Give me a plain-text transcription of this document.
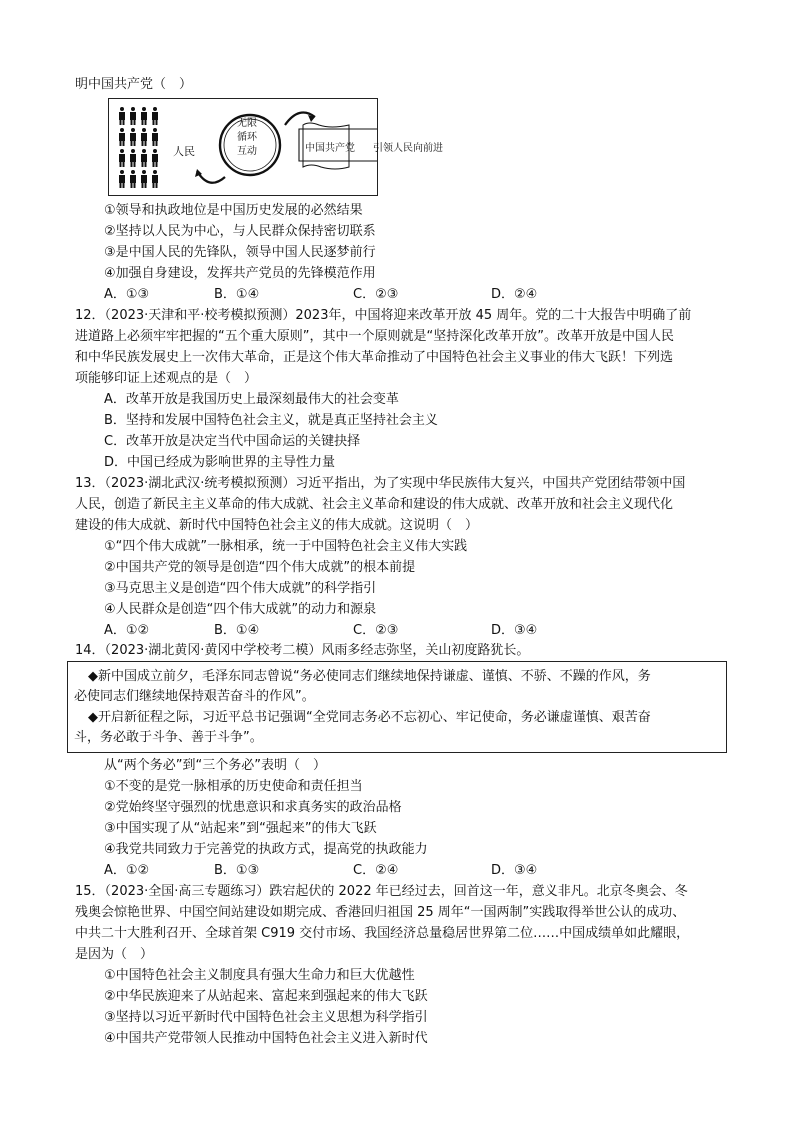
明中国共产党（　）
人民
无限
循环
互动	中国共产党 引领人民向前进
①领导和执政地位是中国历史发展的必然结果
②坚持以人民为中心，与人民群众保持密切联系
③是中国人民的先锋队，领导中国人民逐梦前行
④加强自身建设，发挥共产党员的先锋模范作用
A．①③	B．①④	C．②③	D．②④
12．（2023·天津和平·校考模拟预测）2023年，中国将迎来改革开放 45 周年。党的二十大报告中明确了前
进道路上必须牢牢把握的“五个重大原则”，其中一个原则就是“坚持深化改革开放”。改革开放是中国人民
和中华民族发展史上一次伟大革命，正是这个伟大革命推动了中国特色社会主义事业的伟大飞跃！下列选
项能够印证上述观点的是（　）
A．改革开放是我国历史上最深刻最伟大的社会变革
B．坚持和发展中国特色社会主义，就是真正坚持社会主义
C．改革开放是决定当代中国命运的关键抉择
D．中国已经成为影响世界的主导性力量
13．（2023·湖北武汉·统考模拟预测）习近平指出，为了实现中华民族伟大复兴，中国共产党团结带领中国
人民，创造了新民主主义革命的伟大成就、社会主义革命和建设的伟大成就、改革开放和社会主义现代化
建设的伟大成就、新时代中国特色社会主义的伟大成就。这说明（　）
①“四个伟大成就”一脉相承，统一于中国特色社会主义伟大实践
②中国共产党的领导是创造“四个伟大成就”的根本前提
③马克思主义是创造“四个伟大成就”的科学指引
④人民群众是创造“四个伟大成就”的动力和源泉
A．①②	B．①④	C．②③	D．③④
14．（2023·湖北黄冈·黄冈中学校考二模）风雨多经志弥坚，关山初度路犹长。
◆新中国成立前夕，毛泽东同志曾说“务必使同志们继续地保持谦虚、谨慎、不骄、不躁的作风，务
必使同志们继续地保持艰苦奋斗的作风”。
◆开启新征程之际，习近平总书记强调“全党同志务必不忘初心、牢记使命，务必谦虚谨慎、艰苦奋
斗，务必敢于斗争、善于斗争”。
从“两个务必”到“三个务必”表明（　）
①不变的是党一脉相承的历史使命和责任担当
②党始终坚守强烈的忧患意识和求真务实的政治品格
③中国实现了从“站起来”到“强起来”的伟大飞跃
④我党共同致力于完善党的执政方式，提高党的执政能力
A．①②	B．①③	C．②④	D．③④
15．（2023·全国·高三专题练习）跌宕起伏的 2022 年已经过去，回首这一年，意义非凡。北京冬奥会、冬
残奥会惊艳世界、中国空间站建设如期完成、香港回归祖国 25 周年“一国两制”实践取得举世公认的成功、
中共二十大胜利召开、全球首架 C919 交付市场、我国经济总量稳居世界第二位……中国成绩单如此耀眼，
是因为（　）
①中国特色社会主义制度具有强大生命力和巨大优越性
②中华民族迎来了从站起来、富起来到强起来的伟大飞跃
③坚持以习近平新时代中国特色社会主义思想为科学指引
④中国共产党带领人民推动中国特色社会主义进入新时代
